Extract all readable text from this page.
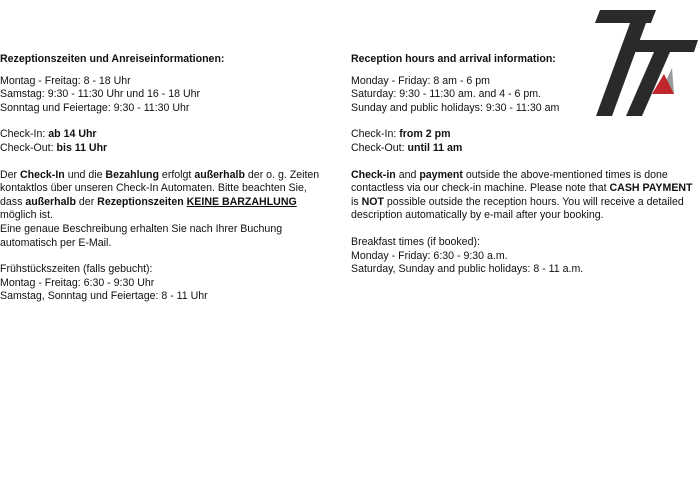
Rezeptionszeiten und Anreiseinformationen:
Montag - Freitag: 8 - 18 Uhr
Samstag: 9:30 - 11:30 Uhr und 16 - 18 Uhr
Sonntag und Feiertage: 9:30 - 11:30 Uhr
Check-In: ab 14 Uhr
Check-Out: bis 11 Uhr
Der Check-In und die Bezahlung erfolgt außerhalb der o. g. Zeiten kontaktlos über unseren Check-In Automaten. Bitte beachten Sie, dass außerhalb der Rezeptionszeiten KEINE BARZAHLUNG möglich ist.
Eine genaue Beschreibung erhalten Sie nach Ihrer Buchung automatisch per E-Mail.
Frühstückszeiten (falls gebucht):
Montag - Freitag: 6:30 - 9:30 Uhr
Samstag, Sonntag und Feiertage: 8 - 11 Uhr
Reception hours and arrival information:
Monday - Friday: 8 am - 6 pm
Saturday: 9:30 - 11:30 am. and 4 - 6 pm.
Sunday and public holidays: 9:30 - 11:30 am
Check-In: from 2 pm
Check-Out: until 11 am
Check-in and payment outside the above-mentioned times is done contactless via our check-in machine. Please note that CASH PAYMENT is NOT possible outside the reception hours. You will receive a detailed description automatically by e-mail after your booking.
Breakfast times (if booked):
Monday - Friday: 6:30 - 9:30 a.m.
Saturday, Sunday and public holidays: 8 - 11 a.m.
